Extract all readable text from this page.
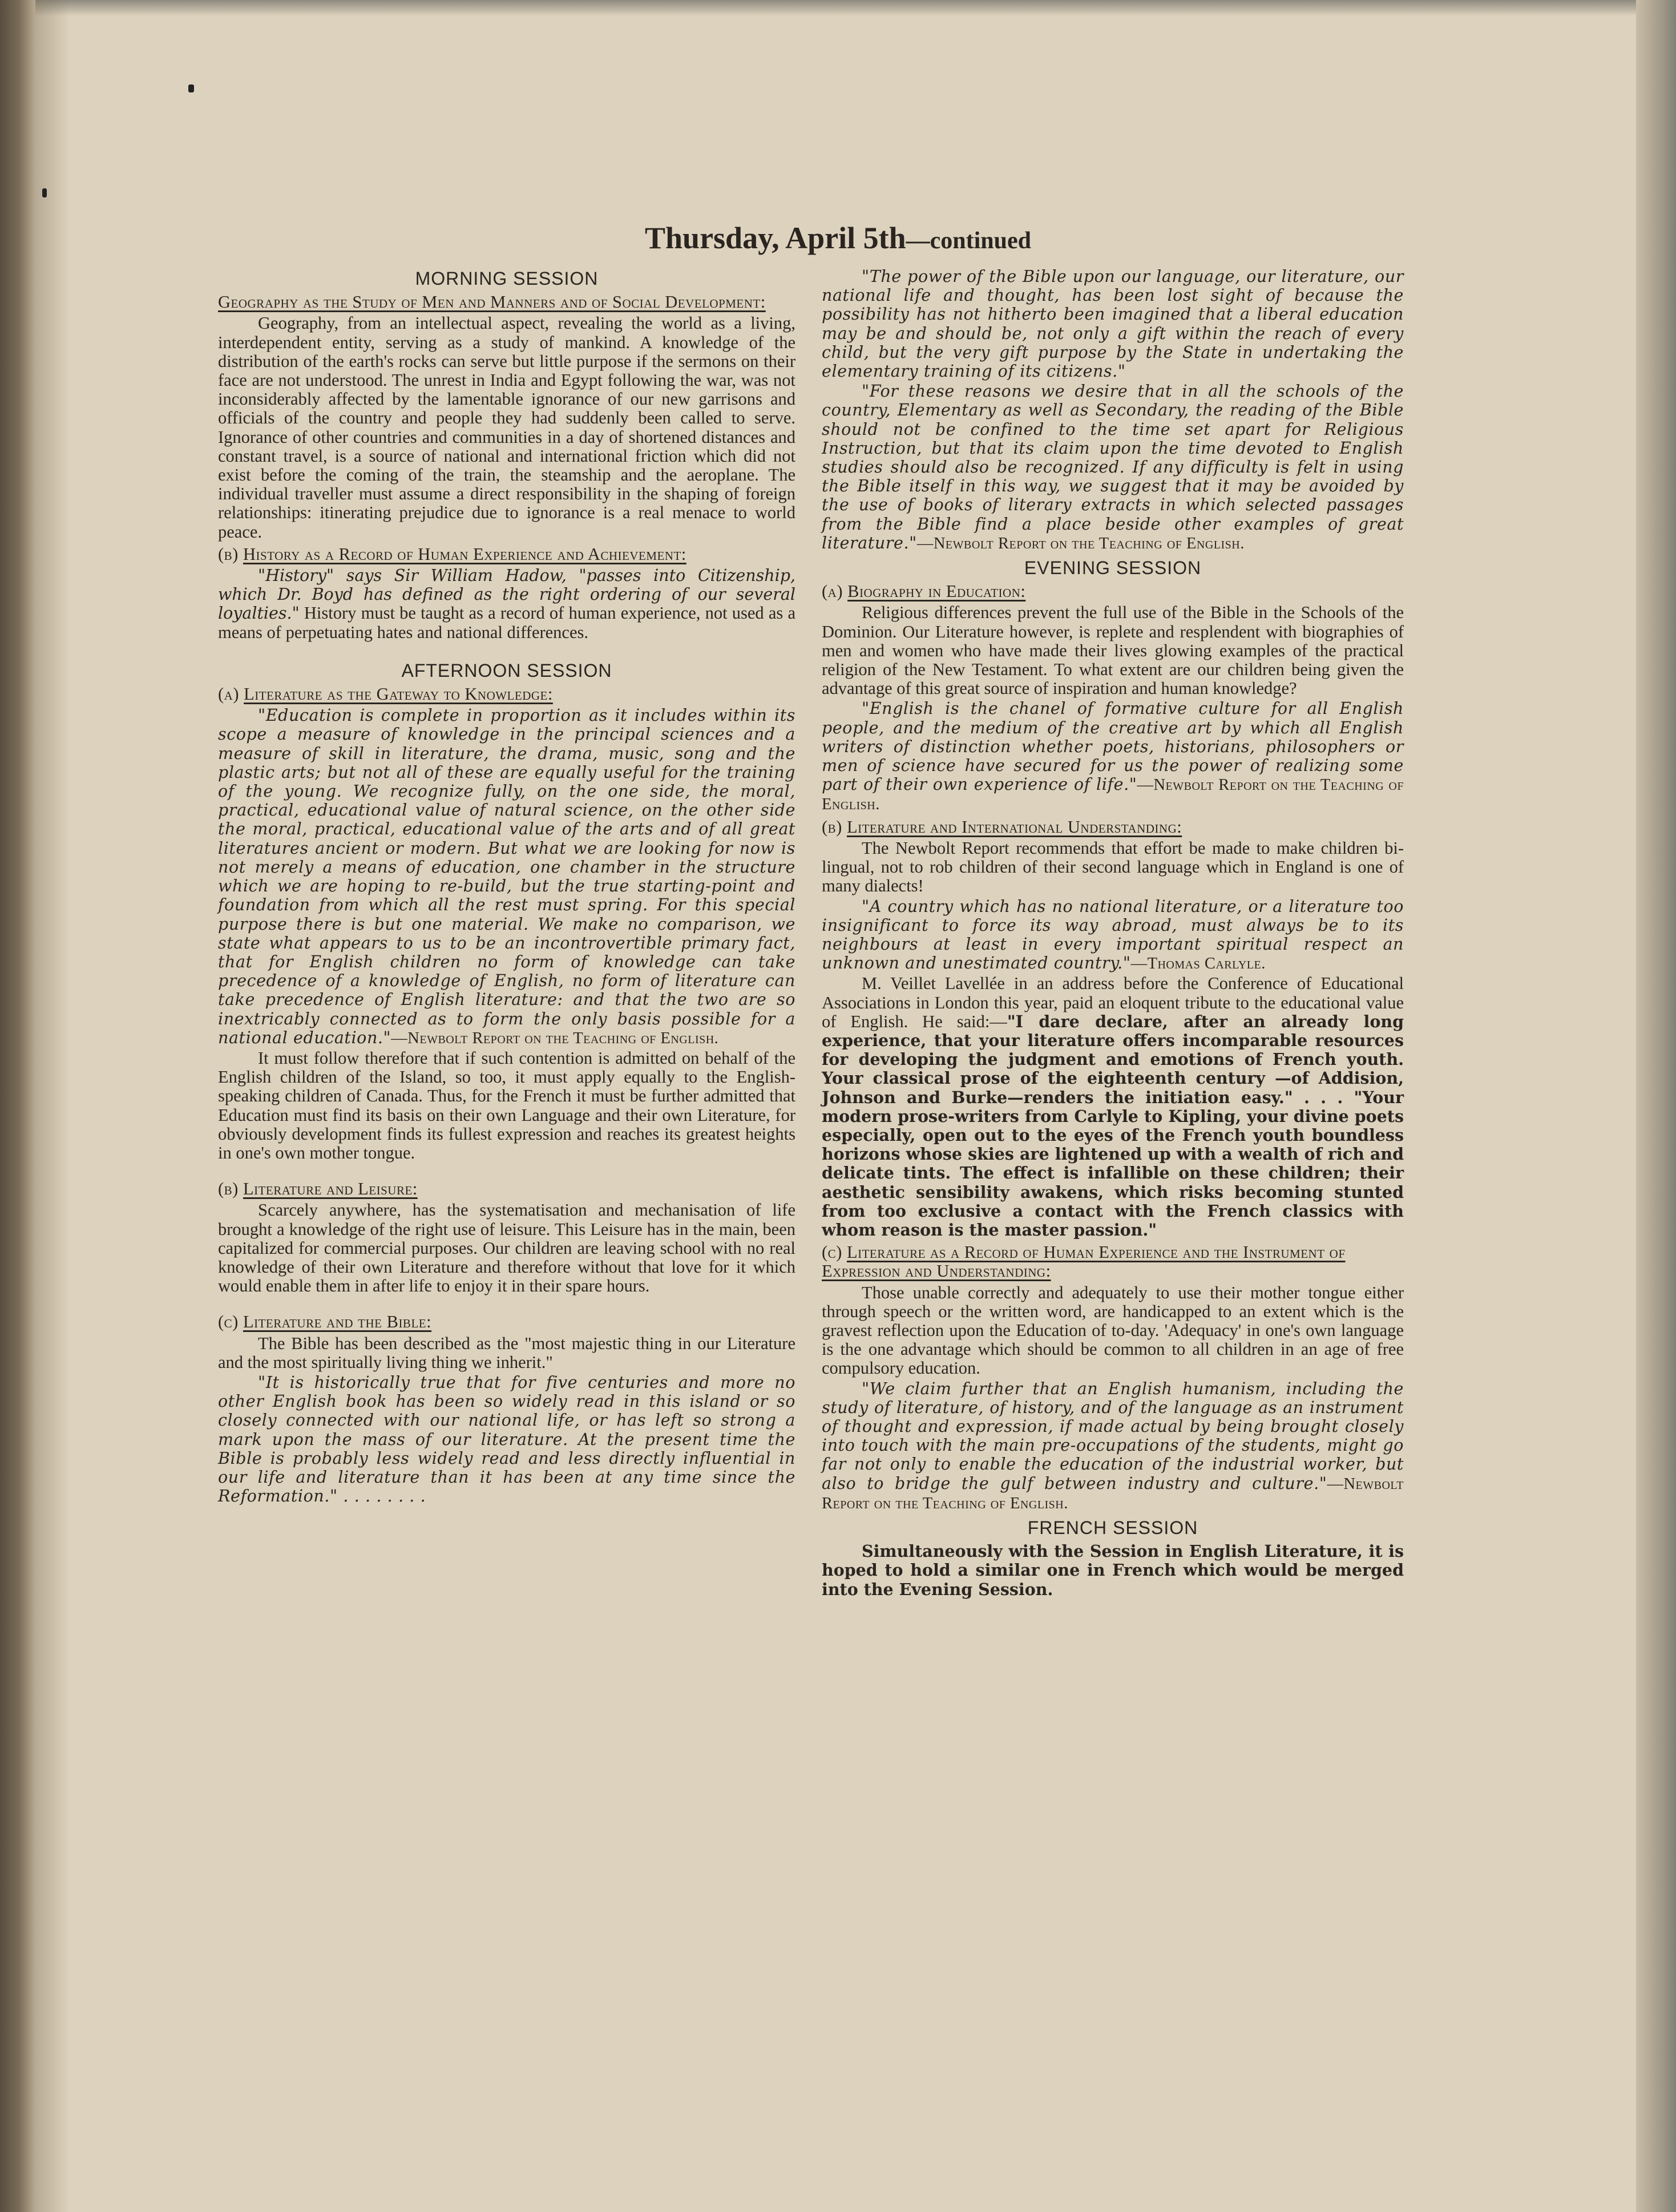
Thursday, April 5th—continued
MORNING SESSION
Geography as the Study of Men and Manners and of Social Development:

Geography, from an intellectual aspect, revealing the world as a living, interdependent entity, serving as a study of mankind. A knowledge of the distribution of the earth's rocks can serve but little purpose if the sermons on their face are not understood. The unrest in India and Egypt following the war, was not inconsiderably affected by the lamentable ignorance of our new garrisons and officials of the country and people they had suddenly been called to serve. Ignorance of other countries and communities in a day of shortened distances and constant travel, is a source of national and international friction which did not exist before the coming of the train, the steamship and the aeroplane. The individual traveller must assume a direct responsibility in the shaping of foreign relationships: itinerating prejudice due to ignorance is a real menace to world peace.

(b) History as a Record of Human Experience and Achievement:

"History" says Sir William Hadow, "passes into Citizenship, which Dr. Boyd has defined as the right ordering of our several loyalties." History must be taught as a record of human experience, not used as a means of perpetuating hates and national differences.

AFTERNOON SESSION
(a) Literature as the Gateway to Knowledge:

"Education is complete in proportion as it includes within its scope a measure of knowledge in the principal sciences and a measure of skill in literature, the drama, music, song and the plastic arts; but not all of these are equally useful for the training of the young. We recognize fully, on the one side, the moral, practical, educational value of natural science, on the other side the moral, practical, educational value of the arts and of all great literatures ancient or modern. But what we are looking for now is not merely a means of education, one chamber in the structure which we are hoping to re-build, but the true starting-point and foundation from which all the rest must spring. For this special purpose there is but one material. We make no comparison, we state what appears to us to be an incontrovertible primary fact, that for English children no form of knowledge can take precedence of a knowledge of English, no form of literature can take precedence of English literature: and that the two are so inextricably connected as to form the only basis possible for a national education."—Newbolt Report on the Teaching of English.

It must follow therefore that if such contention is admitted on behalf of the English children of the Island, so too, it must apply equally to the English-speaking children of Canada. Thus, for the French it must be further admitted that Education must find its basis on their own Language and their own Literature, for obviously development finds its fullest expression and reaches its greatest heights in one's own mother tongue.

(b) Literature and Leisure:

Scarcely anywhere, has the systematisation and mechanisation of life brought a knowledge of the right use of leisure. This Leisure has in the main, been capitalized for commercial purposes. Our children are leaving school with no real knowledge of their own Literature and therefore without that love for it which would enable them in after life to enjoy it in their spare hours.

(c) Literature and the Bible:

The Bible has been described as the "most majestic thing in our Literature and the most spiritually living thing we inherit."

"It is historically true that for five centuries and more no other English book has been so widely read in this island or so closely connected with our national life, or has left so strong a mark upon the mass of our literature. At the present time the Bible is probably less widely read and less directly influential in our life and literature than it has been at any time since the Reformation." . . . . . . . .

"The power of the Bible upon our language, our literature, our national life and thought, has been lost sight of because the possibility has not hitherto been imagined that a liberal education may be and should be, not only a gift within the reach of every child, but the very gift purpose by the State in undertaking the elementary training of its citizens."

"For these reasons we desire that in all the schools of the country, Elementary as well as Secondary, the reading of the Bible should not be confined to the time set apart for Religious Instruction, but that its claim upon the time devoted to English studies should also be recognized. If any difficulty is felt in using the Bible itself in this way, we suggest that it may be avoided by the use of books of literary extracts in which selected passages from the Bible find a place beside other examples of great literature."—Newbolt Report on the Teaching of English.

EVENING SESSION
(a) Biography in Education:

Religious differences prevent the full use of the Bible in the Schools of the Dominion. Our Literature however, is replete and resplendent with biographies of men and women who have made their lives glowing examples of the practical religion of the New Testament. To what extent are our children being given the advantage of this great source of inspiration and human knowledge?

"English is the chanel of formative culture for all English people, and the medium of the creative art by which all English writers of distinction whether poets, historians, philosophers or men of science have secured for us the power of realizing some part of their own experience of life."—Newbolt Report on the Teaching of English.

(b) Literature and International Understanding:

The Newbolt Report recommends that effort be made to make children bi-lingual, not to rob children of their second language which in England is one of many dialects!

"A country which has no national literature, or a literature too insignificant to force its way abroad, must always be to its neighbours at least in every important spiritual respect an unknown and unestimated country."—Thomas Carlyle.

M. Veillet Lavellée in an address before the Conference of Educational Associations in London this year, paid an eloquent tribute to the educational value of English. He said:—"I dare declare, after an already long experience, that your literature offers incomparable resources for developing the judgment and emotions of French youth. Your classical prose of the eighteenth century —of Addision, Johnson and Burke—renders the initiation easy." . . . "Your modern prose-writers from Carlyle to Kipling, your divine poets especially, open out to the eyes of the French youth boundless horizons whose skies are lightened up with a wealth of rich and delicate tints. The effect is infallible on these children; their aesthetic sensibility awakens, which risks becoming stunted from too exclusive a contact with the French classics with whom reason is the master passion."

(c) Literature as a Record of Human Experience and the Instrument of Expression and Understanding:

Those unable correctly and adequately to use their mother tongue either through speech or the written word, are handicapped to an extent which is the gravest reflection upon the Education of to-day. 'Adequacy' in one's own language is the one advantage which should be common to all children in an age of free compulsory education.

"We claim further that an English humanism, including the study of literature, of history, and of the language as an instrument of thought and expression, if made actual by being brought closely into touch with the main pre-occupations of the students, might go far not only to enable the education of the industrial worker, but also to bridge the gulf between industry and culture."—Newbolt Report on the Teaching of English.

FRENCH SESSION

Simultaneously with the Session in English Literature, it is hoped to hold a similar one in French which would be merged into the Evening Session.
